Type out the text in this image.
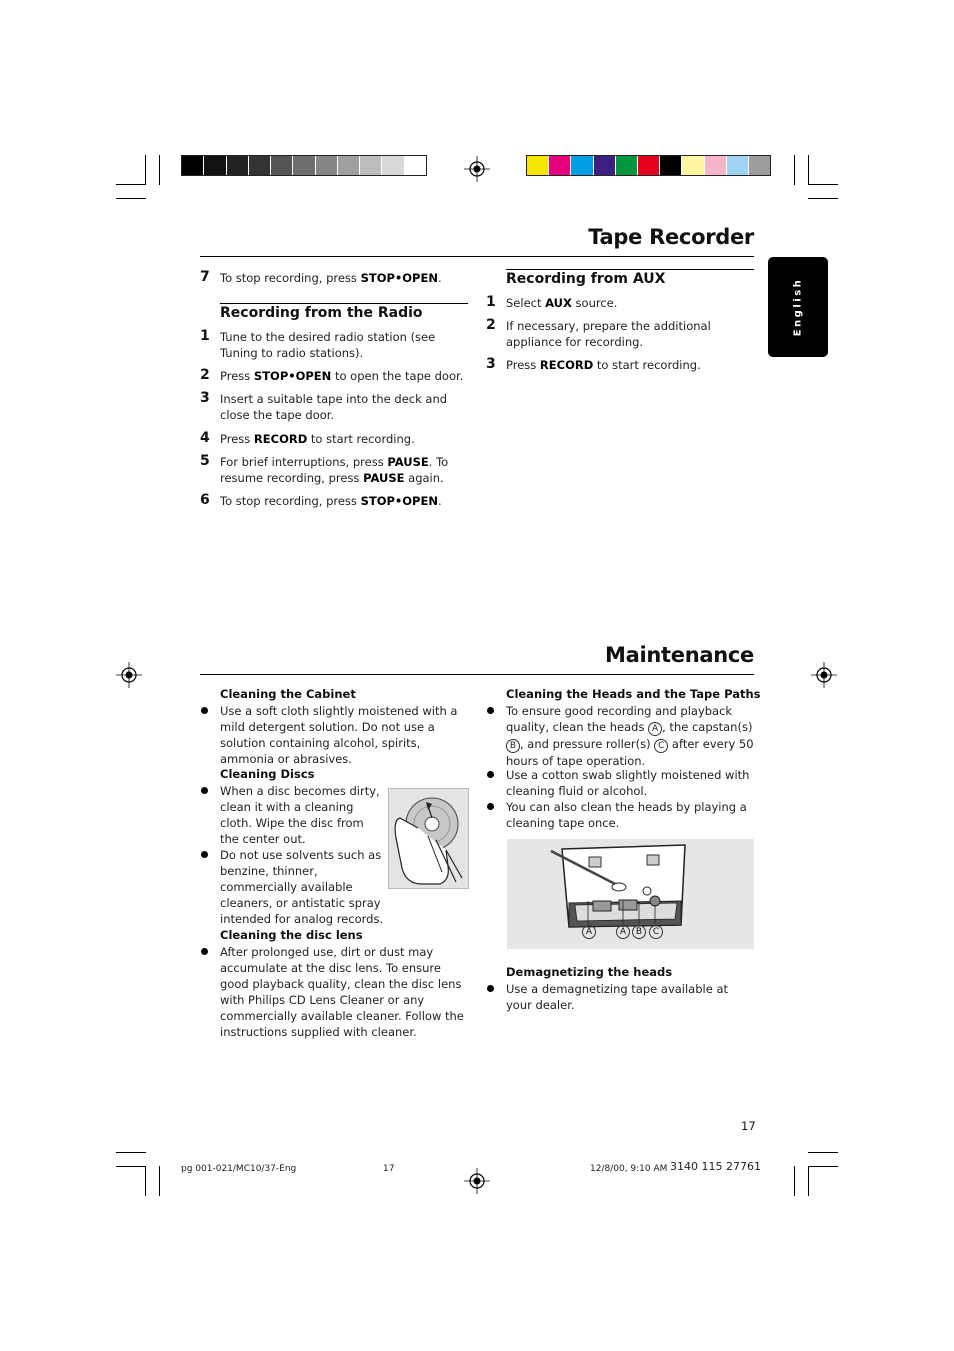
Tape Recorder
7 To stop recording, press STOP•OPEN.
Recording from the Radio
1 Tune to the desired radio station (see Tuning to radio stations).
2 Press STOP•OPEN to open the tape door.
3 Insert a suitable tape into the deck and close the tape door.
4 Press RECORD to start recording.
5 For brief interruptions, press PAUSE. To resume recording, press PAUSE again.
6 To stop recording, press STOP•OPEN.
Recording from AUX
1 Select AUX source.
2 If necessary, prepare the additional appliance for recording.
3 Press RECORD to start recording.
English
Maintenance
Cleaning the Cabinet
Use a soft cloth slightly moistened with a mild detergent solution. Do not use a solution containing alcohol, spirits, ammonia or abrasives.
Cleaning Discs
When a disc becomes dirty, clean it with a cleaning cloth. Wipe the disc from the center out.
Do not use solvents such as benzine, thinner, commercially available cleaners, or antistatic spray intended for analog records.
Cleaning the disc lens
After prolonged use, dirt or dust may accumulate at the disc lens. To ensure good playback quality, clean the disc lens with Philips CD Lens Cleaner or any commercially available cleaner. Follow the instructions supplied with cleaner.
Cleaning the Heads and the Tape Paths
To ensure good recording and playback quality, clean the heads A , the capstan(s) B , and pressure roller(s) C after every 50 hours of tape operation.
Use a cotton swab slightly moistened with cleaning fluid or alcohol.
You can also clean the heads by playing a cleaning tape once.
A	A	B	C
Demagnetizing the heads
Use a demagnetizing tape available at your dealer.
17
pg 001-021/MC10/37-Eng	17	12/8/00, 9:10 AM 3140 115 27761
